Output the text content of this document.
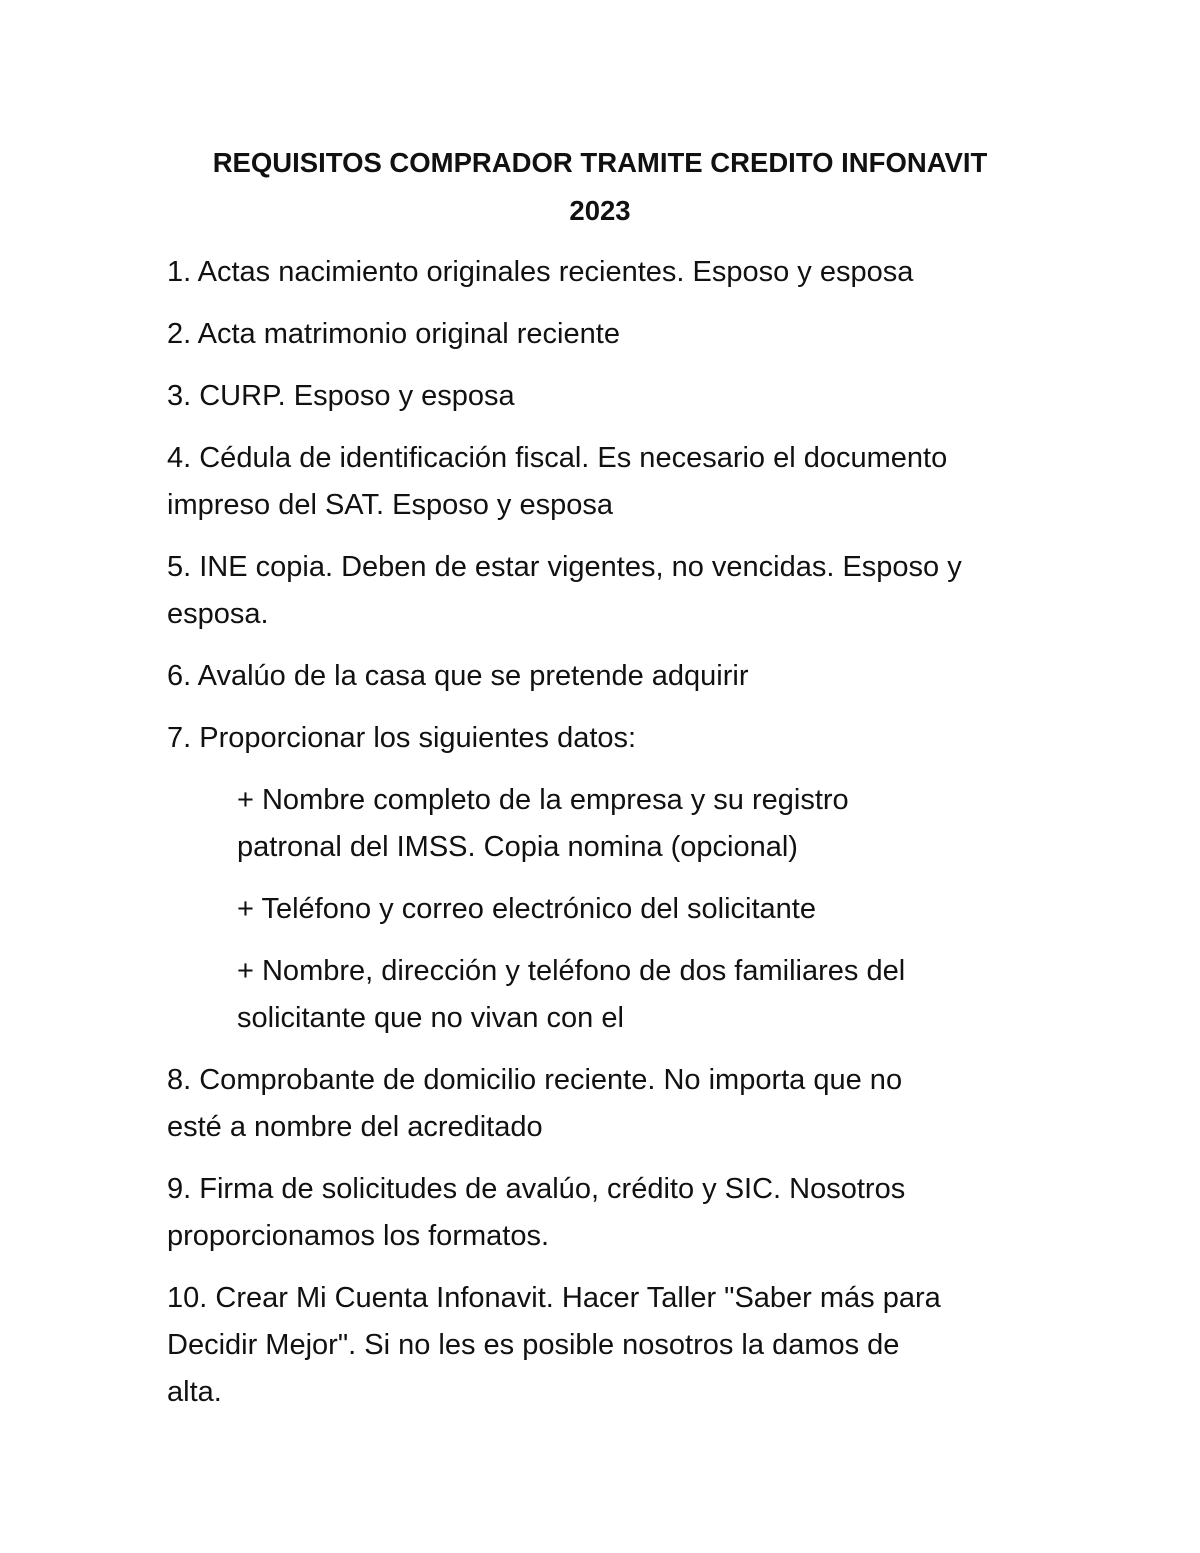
REQUISITOS COMPRADOR TRAMITE CREDITO INFONAVIT
2023
1. Actas nacimiento originales recientes. Esposo y esposa
2. Acta matrimonio original reciente
3. CURP. Esposo y esposa
4. Cédula de identificación fiscal. Es necesario el documento
impreso del SAT. Esposo y esposa
5. INE copia. Deben de estar vigentes, no vencidas. Esposo y
esposa.
6. Avalúo de la casa que se pretende adquirir
7. Proporcionar los siguientes datos:
+ Nombre completo de la empresa y su registro
patronal del IMSS. Copia nomina (opcional)
+ Teléfono y correo electrónico del solicitante
+ Nombre, dirección y teléfono de dos familiares del
solicitante que no vivan con el
8. Comprobante de domicilio reciente. No importa que no
esté a nombre del acreditado
9. Firma de solicitudes de avalúo, crédito y SIC. Nosotros
proporcionamos los formatos.
10. Crear Mi Cuenta Infonavit. Hacer Taller "Saber más para
Decidir Mejor". Si no les es posible nosotros la damos de
alta.
